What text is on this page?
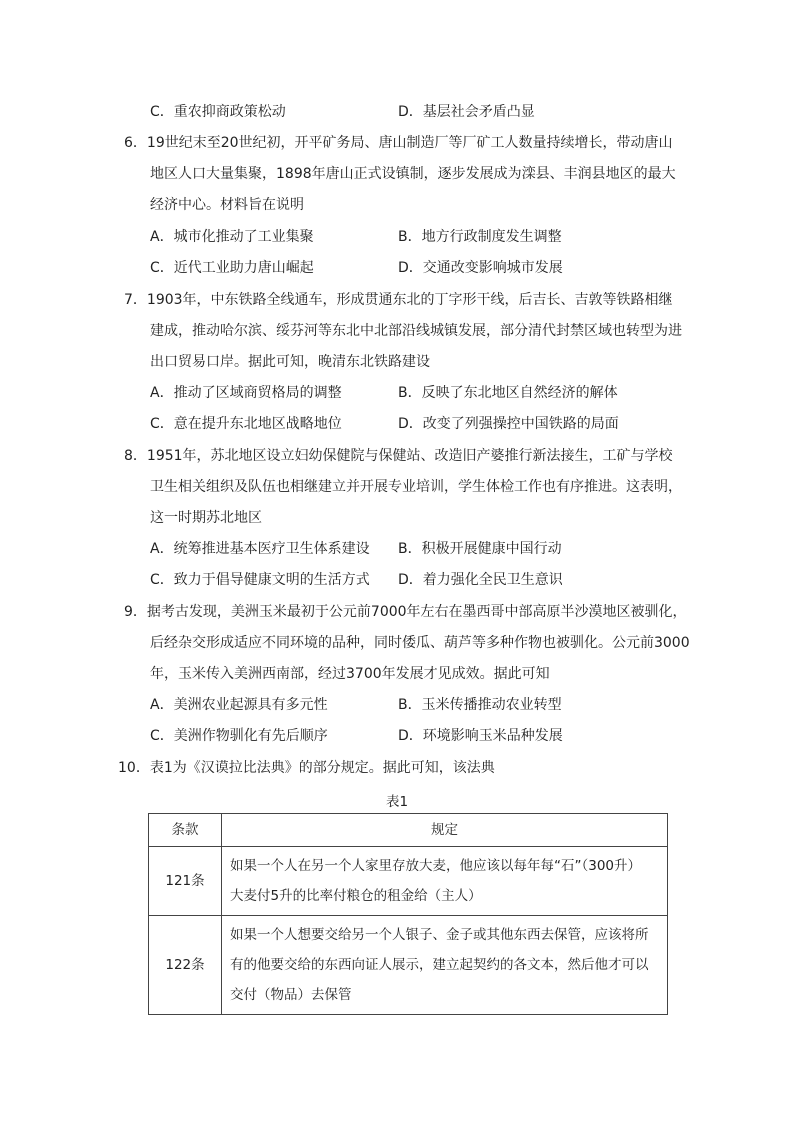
C．重农抑商政策松动	D．基层社会矛盾凸显
6．19世纪末至20世纪初，开平矿务局、唐山制造厂等厂矿工人数量持续增长，带动唐山
地区人口大量集聚，1898年唐山正式设镇制，逐步发展成为滦县、丰润县地区的最大
经济中心。材料旨在说明
A．城市化推动了工业集聚	B．地方行政制度发生调整
C．近代工业助力唐山崛起	D．交通改变影响城市发展
7．1903年，中东铁路全线通车，形成贯通东北的丁字形干线，后吉长、吉敦等铁路相继
建成，推动哈尔滨、绥芬河等东北中北部沿线城镇发展，部分清代封禁区域也转型为进
出口贸易口岸。据此可知，晚清东北铁路建设
A．推动了区域商贸格局的调整	B．反映了东北地区自然经济的解体
C．意在提升东北地区战略地位	D．改变了列强操控中国铁路的局面
8．1951年，苏北地区设立妇幼保健院与保健站、改造旧产婆推行新法接生，工矿与学校
卫生相关组织及队伍也相继建立并开展专业培训，学生体检工作也有序推进。这表明，
这一时期苏北地区
A．统筹推进基本医疗卫生体系建设 B．积极开展健康中国行动
C．致力于倡导健康文明的生活方式 D．着力强化全民卫生意识
9．据考古发现，美洲玉米最初于公元前7000年左右在墨西哥中部高原半沙漠地区被驯化，
后经杂交形成适应不同环境的品种，同时倭瓜、葫芦等多种作物也被驯化。公元前3000
年，玉米传入美洲西南部，经过3700年发展才见成效。据此可知
A．美洲农业起源具有多元性	B．玉米传播推动农业转型
C．美洲作物驯化有先后顺序	D．环境影响玉米品种发展
10．表1为《汉谟拉比法典》的部分规定。据此可知，该法典
表1
条款	规定
121条	如果一个人在另一个人家里存放大麦，他应该以每年每“石”（300升）
大麦付5升的比率付粮仓的租金给（主人）

122条	如果一个人想要交给另一个人银子、金子或其他东西去保管，应该将所
有的他要交给的东西向证人展示，建立起契约的各文本，然后他才可以
交付（物品）去保管
